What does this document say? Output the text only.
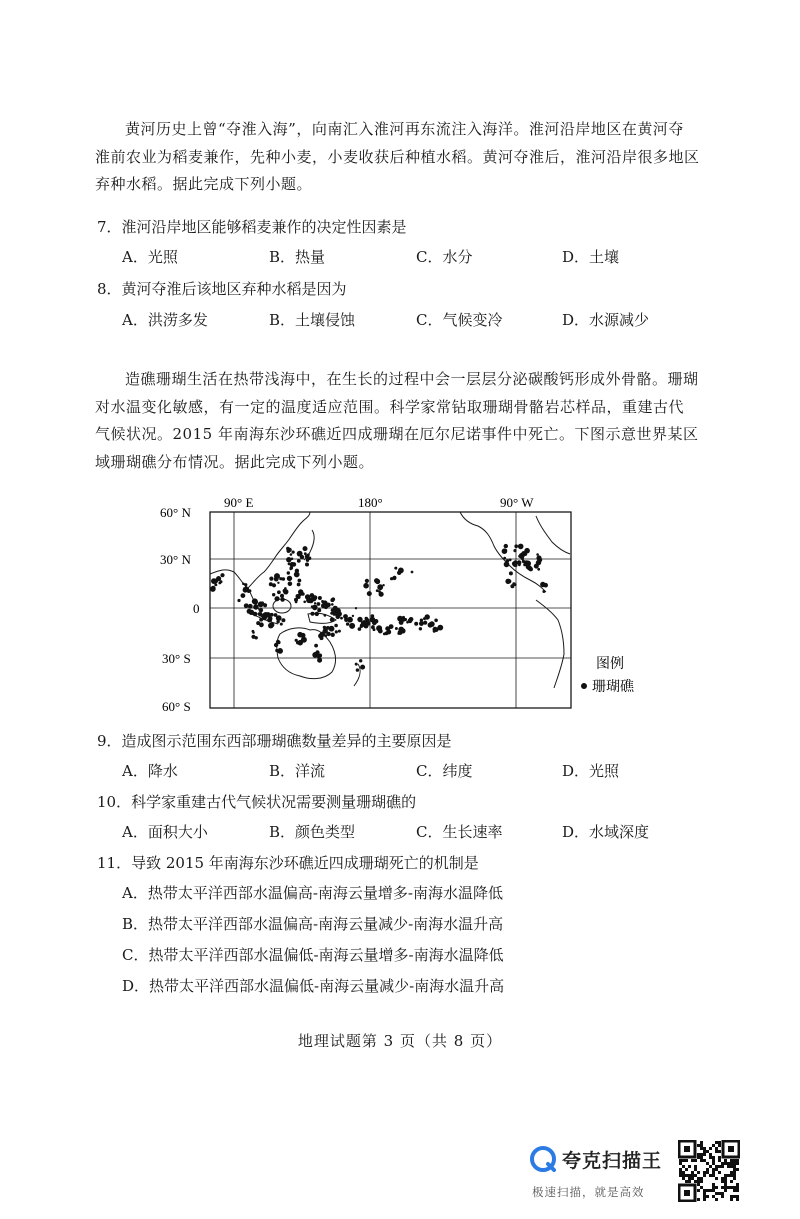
黄河历史上曾“夺淮入海”，向南汇入淮河再东流注入海洋。淮河沿岸地区在黄河夺
淮前农业为稻麦兼作，先种小麦，小麦收获后种植水稻。黄河夺淮后，淮河沿岸很多地区
弃种水稻。据此完成下列小题。
7．淮河沿岸地区能够稻麦兼作的决定性因素是
A．光照	B．热量	C．水分	D．土壤
8．黄河夺淮后该地区弃种水稻是因为
A．洪涝多发	B．土壤侵蚀	C．气候变冷	D．水源减少
造礁珊瑚生活在热带浅海中，在生长的过程中会一层层分泌碳酸钙形成外骨骼。珊瑚
对水温变化敏感，有一定的温度适应范围。科学家常钻取珊瑚骨骼岩芯样品，重建古代
气候状况。2015 年南海东沙环礁近四成珊瑚在厄尔尼诺事件中死亡。下图示意世界某区
域珊瑚礁分布情况。据此完成下列小题。
90° E	180°	90° W
60° N
30° N
0
30° S
60° S
图例
珊瑚礁
9．造成图示范围东西部珊瑚礁数量差异的主要原因是
A．降水	B．洋流	C．纬度	D．光照
10．科学家重建古代气候状况需要测量珊瑚礁的
A．面积大小	B．颜色类型	C．生长速率	D．水域深度
11．导致 2015 年南海东沙环礁近四成珊瑚死亡的机制是
A．热带太平洋西部水温偏高-南海云量增多-南海水温降低
B．热带太平洋西部水温偏高-南海云量减少-南海水温升高
C．热带太平洋西部水温偏低-南海云量增多-南海水温降低
D．热带太平洋西部水温偏低-南海云量减少-南海水温升高
地理试题第 3 页（共 8 页）
夸克扫描王
极速扫描，就是高效
